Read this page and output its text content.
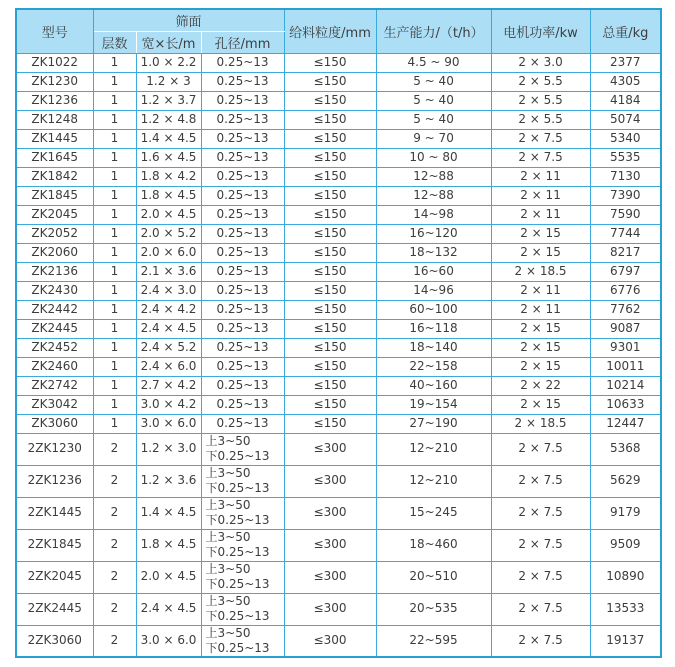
型号	筛面			给料粒度/mm	生产能力/（t/h）	电机功率/kw	总重/kg
	层数	宽×长/m	孔径/mm				
ZK1022	1	1.0 × 2.2	0.25~13	≤150	4.5 ~ 90	2 × 3.0	2377
ZK1230	1	1.2 × 3	0.25~13	≤150	5 ~ 40	2 × 5.5	4305
ZK1236	1	1.2 × 3.7	0.25~13	≤150	5 ~ 40	2 × 5.5	4184
ZK1248	1	1.2 × 4.8	0.25~13	≤150	5 ~ 40	2 × 5.5	5074
ZK1445	1	1.4 × 4.5	0.25~13	≤150	9 ~ 70	2 × 7.5	5340
ZK1645	1	1.6 × 4.5	0.25~13	≤150	10 ~ 80	2 × 7.5	5535
ZK1842	1	1.8 × 4.2	0.25~13	≤150	12~88	2 × 11	7130
ZK1845	1	1.8 × 4.5	0.25~13	≤150	12~88	2 × 11	7390
ZK2045	1	2.0 × 4.5	0.25~13	≤150	14~98	2 × 11	7590
ZK2052	1	2.0 × 5.2	0.25~13	≤150	16~120	2 × 15	7744
ZK2060	1	2.0 × 6.0	0.25~13	≤150	18~132	2 × 15	8217
ZK2136	1	2.1 × 3.6	0.25~13	≤150	16~60	2 × 18.5	6797
ZK2430	1	2.4 × 3.0	0.25~13	≤150	14~96	2 × 11	6776
ZK2442	1	2.4 × 4.2	0.25~13	≤150	60~100	2 × 11	7762
ZK2445	1	2.4 × 4.5	0.25~13	≤150	16~118	2 × 15	9087
ZK2452	1	2.4 × 5.2	0.25~13	≤150	18~140	2 × 15	9301
ZK2460	1	2.4 × 6.0	0.25~13	≤150	22~158	2 × 15	10011
ZK2742	1	2.7 × 4.2	0.25~13	≤150	40~160	2 × 22	10214
ZK3042	1	3.0 × 4.2	0.25~13	≤150	19~154	2 × 15	10633
ZK3060	1	3.0 × 6.0	0.25~13	≤150	27~190	2 × 18.5	12447
2ZK1230	2	1.2 × 3.0	上3~50
下0.25~13	≤300	12~210	2 × 7.5	5368
2ZK1236	2	1.2 × 3.6	上3~50
下0.25~13	≤300	12~210	2 × 7.5	5629
2ZK1445	2	1.4 × 4.5	上3~50
下0.25~13	≤300	15~245	2 × 7.5	9179
2ZK1845	2	1.8 × 4.5	上3~50
下0.25~13	≤300	18~460	2 × 7.5	9509
2ZK2045	2	2.0 × 4.5	上3~50
下0.25~13	≤300	20~510	2 × 7.5	10890
2ZK2445	2	2.4 × 4.5	上3~50
下0.25~13	≤300	20~535	2 × 7.5	13533
2ZK3060	2	3.0 × 6.0	上3~50
下0.25~13	≤300	22~595	2 × 7.5	19137
